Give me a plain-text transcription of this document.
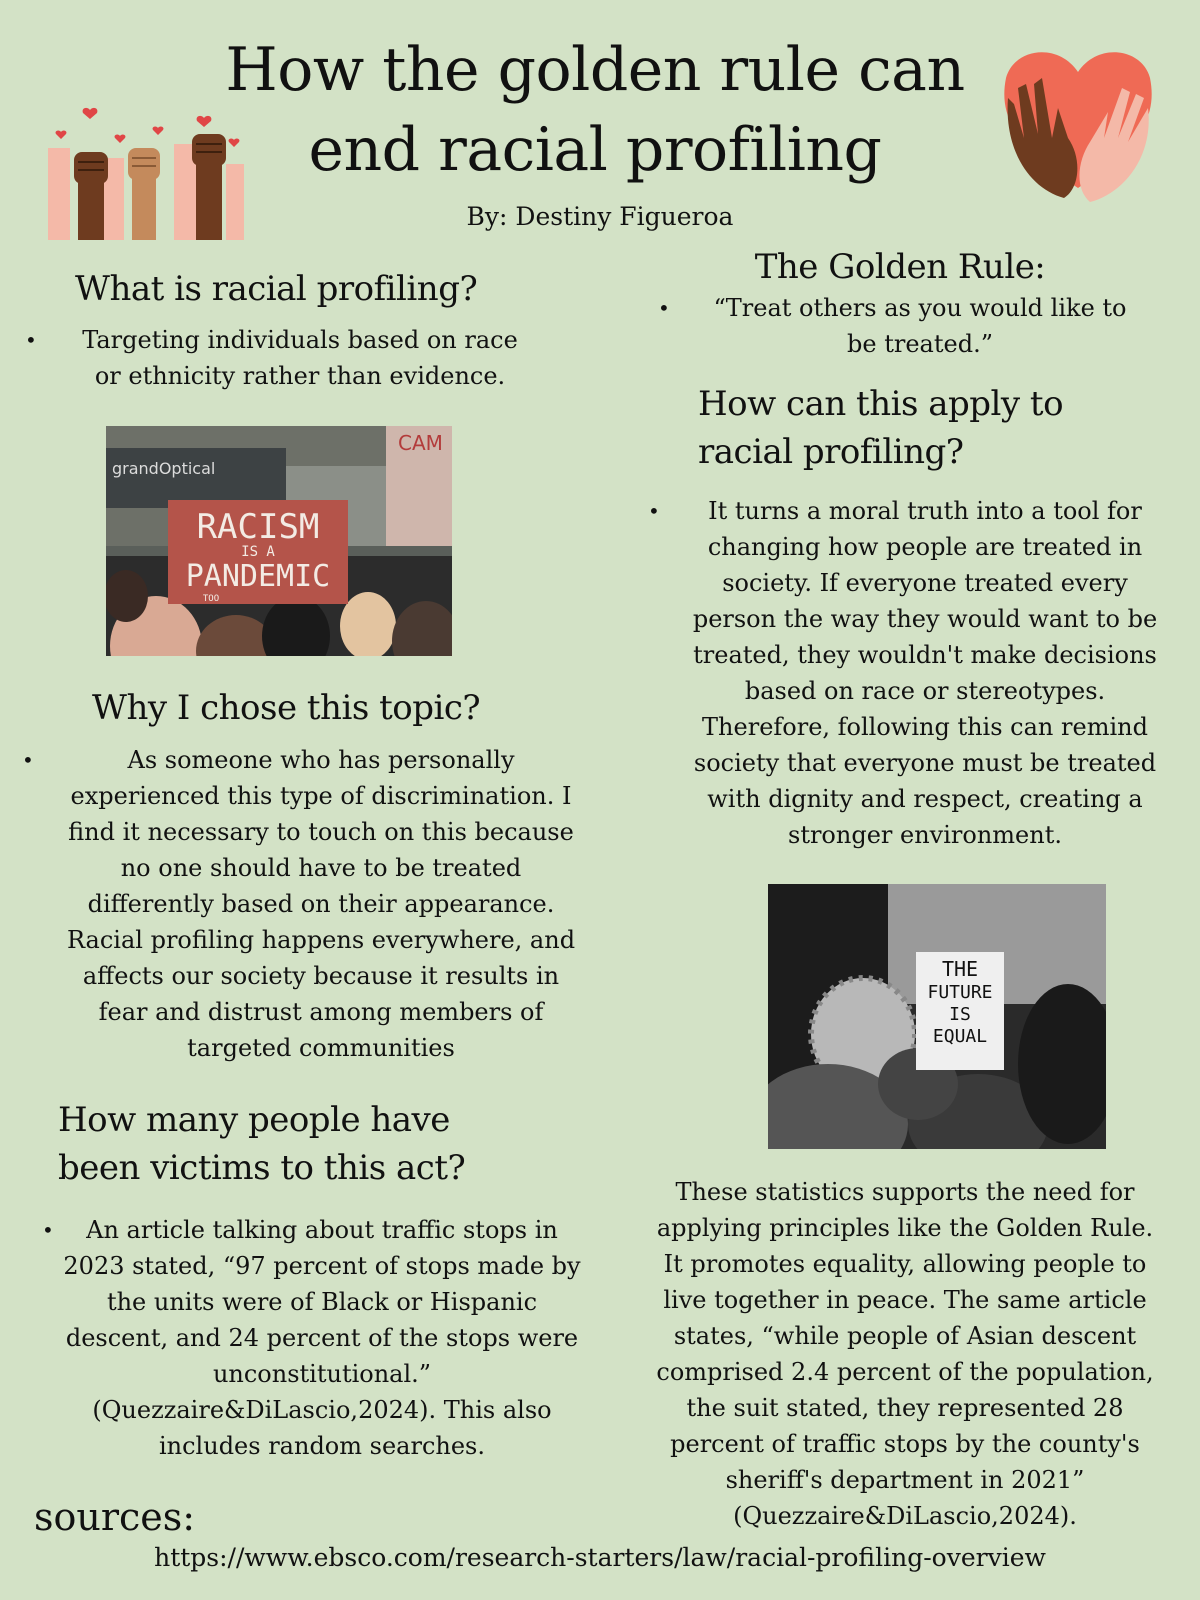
How the golden rule can end racial profiling
By: Destiny Figueroa
What is racial profiling?
• Targeting individuals based on race or ethnicity rather than evidence.
grandOptical
CAM
RACISM
IS A
PANDEMIC
TOO
Why I chose this topic?
• As someone who has personally experienced this type of discrimination. I find it necessary to touch on this because no one should have to be treated differently based on their appearance. Racial profiling happens everywhere, and affects our society because it results in fear and distrust among members of targeted communities
How many people have been victims to this act?
• An article talking about traffic stops in 2023 stated, “97 percent of stops made by the units were of Black or Hispanic descent, and 24 percent of the stops were unconstitutional.” (Quezzaire&DiLascio,2024). This also includes random searches.
The Golden Rule:
• “Treat others as you would like to be treated.”
How can this apply to racial profiling?
• It turns a moral truth into a tool for changing how people are treated in society. If everyone treated every person the way they would want to be treated, they wouldn't make decisions based on race or stereotypes. Therefore, following this can remind society that everyone must be treated with dignity and respect, creating a stronger environment.
THE
FUTURE
IS
EQUAL
These statistics supports the need for applying principles like the Golden Rule. It promotes equality, allowing people to live together in peace. The same article states, “while people of Asian descent comprised 2.4 percent of the population, the suit stated, they represented 28 percent of traffic stops by the county's sheriff's department in 2021” (Quezzaire&DiLascio,2024).
sources:
https://www.ebsco.com/research-starters/law/racial-profiling-overview
